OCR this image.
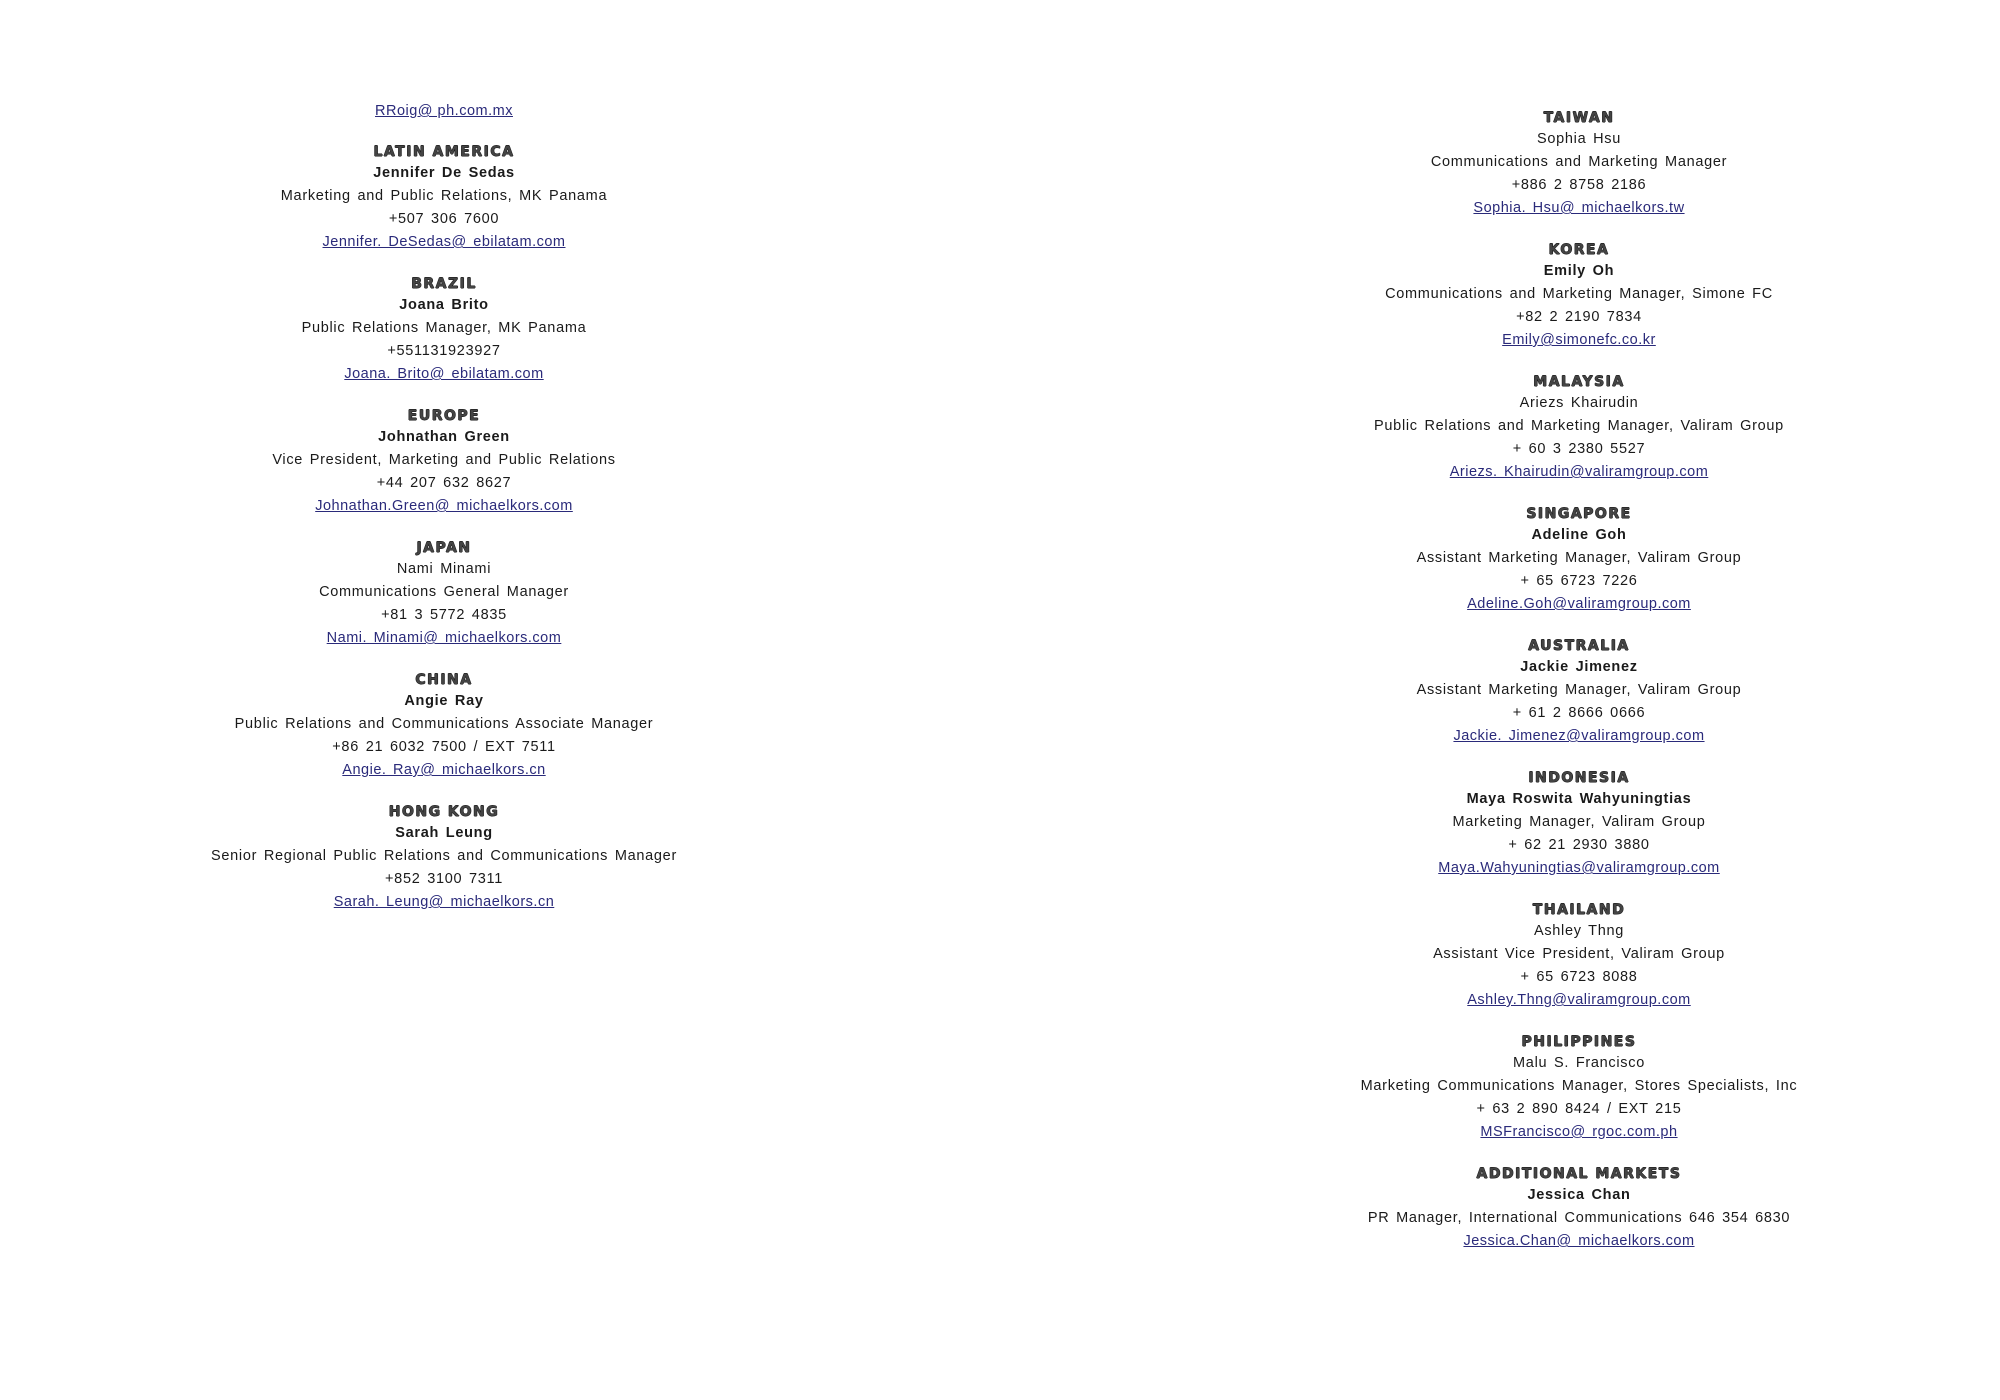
RRoig@ ph.com.mx
LATIN AMERICA
Jennifer De Sedas
Marketing and Public Relations, MK Panama
+507 306 7600
Jennifer. DeSedas@ ebilatam.com
BRAZIL
Joana Brito
Public Relations Manager, MK Panama
+551131923927
Joana. Brito@ ebilatam.com
EUROPE
Johnathan Green
Vice President, Marketing and Public Relations
+44 207 632 8627
Johnathan.Green@ michaelkors.com
JAPAN
Nami Minami
Communications General Manager
+81 3 5772 4835
Nami. Minami@ michaelkors.com
CHINA
Angie Ray
Public Relations and Communications Associate Manager
+86 21 6032 7500 / EXT 7511
Angie. Ray@ michaelkors.cn
HONG KONG
Sarah Leung
Senior Regional Public Relations and Communications Manager
+852 3100 7311
Sarah. Leung@ michaelkors.cn
TAIWAN
Sophia Hsu
Communications and Marketing Manager
+886 2 8758 2186
Sophia. Hsu@ michaelkors.tw
KOREA
Emily Oh
Communications and Marketing Manager, Simone FC
+82 2 2190 7834
Emily@simonefc.co.kr
MALAYSIA
Ariezs Khairudin
Public Relations and Marketing Manager, Valiram Group
+ 60 3 2380 5527
Ariezs. Khairudin@valiramgroup.com
SINGAPORE
Adeline Goh
Assistant Marketing Manager, Valiram Group
+ 65 6723 7226
Adeline.Goh@valiramgroup.com
AUSTRALIA
Jackie Jimenez
Assistant Marketing Manager, Valiram Group
+ 61 2 8666 0666
Jackie. Jimenez@valiramgroup.com
INDONESIA
Maya Roswita Wahyuningtias
Marketing Manager, Valiram Group
+ 62 21 2930 3880
Maya.Wahyuningtias@valiramgroup.com
THAILAND
Ashley Thng
Assistant Vice President, Valiram Group
+ 65 6723 8088
Ashley.Thng@valiramgroup.com
PHILIPPINES
Malu S. Francisco
Marketing Communications Manager, Stores Specialists, Inc
+ 63 2 890 8424 / EXT 215
MSFrancisco@ rgoc.com.ph
ADDITIONAL MARKETS
Jessica Chan
PR Manager, International Communications 646 354 6830
Jessica.Chan@ michaelkors.com
